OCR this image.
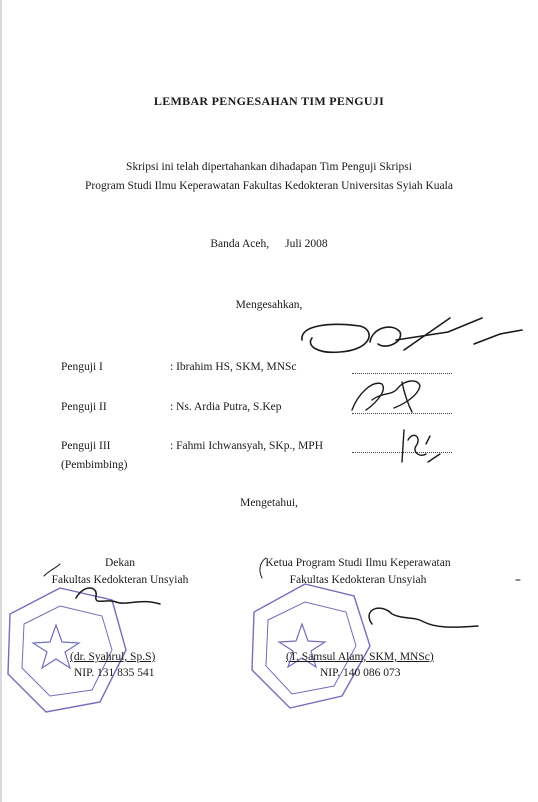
LEMBAR PENGESAHAN TIM PENGUJI
Skripsi ini telah dipertahankan dihadapan Tim Penguji Skripsi
Program Studi Ilmu Keperawatan Fakultas Kedokteran Universitas Syiah Kuala
Banda Aceh, Juli 2008
Mengesahkan,
Penguji I	: Ibrahim HS, SKM, MNSc
Penguji II	: Ns. Ardia Putra, S.Kep
Penguji III
(Pembimbing)
: Fahmi Ichwansyah, SKp., MPH
Mengetahui,
Dekan
Fakultas Kedokteran Unsyiah
(dr. Syahrul, Sp.S)
NIP. 131 835 541
Ketua Program Studi Ilmu Keperawatan
Fakultas Kedokteran Unsyiah
(T. Samsul Alam, SKM, MNSc)
NIP. 140 086 073
